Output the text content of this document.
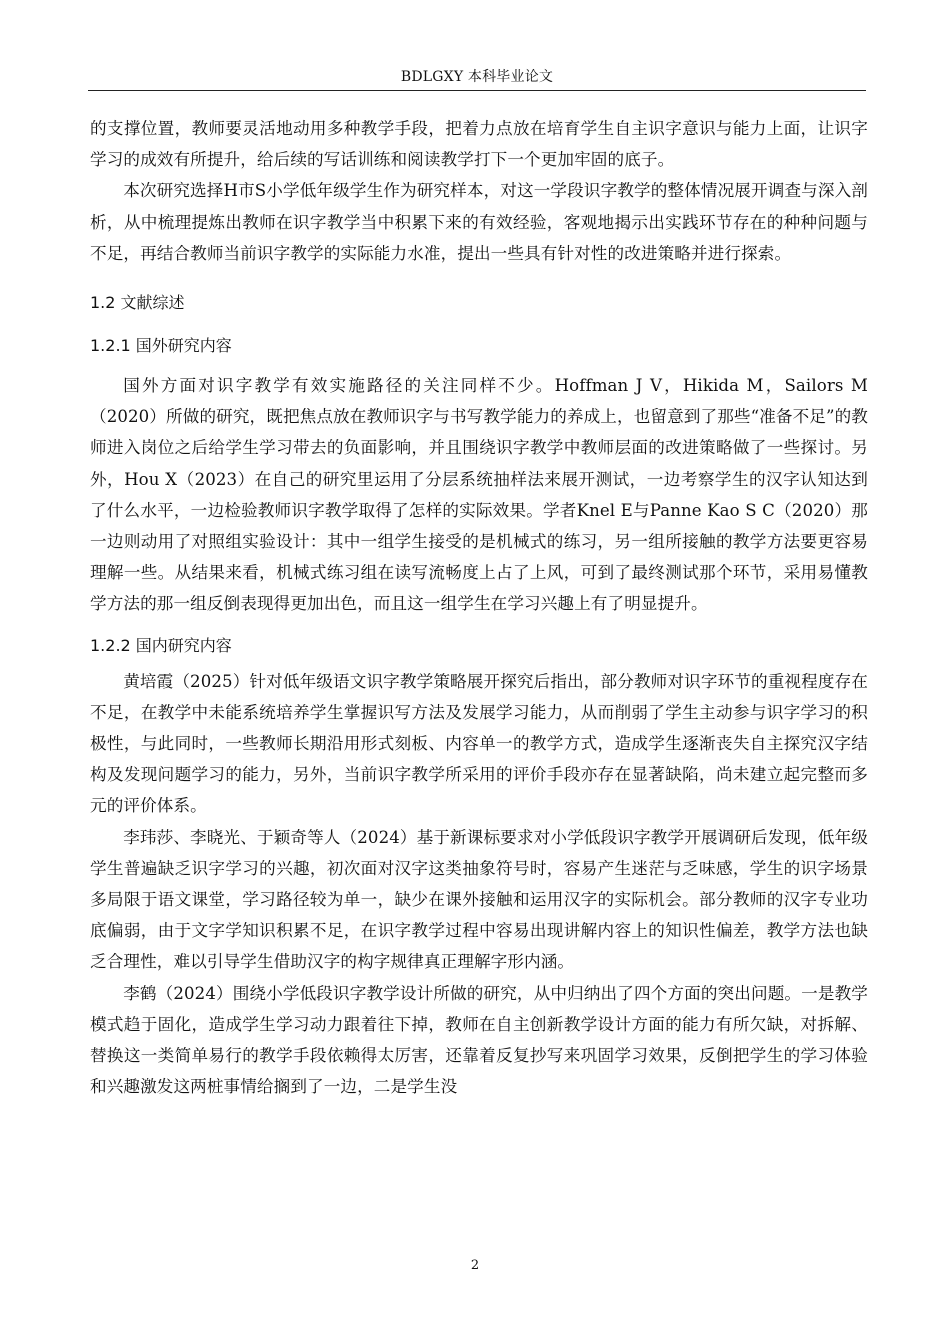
BDLGXY 本科毕业论文

的支撑位置，教师要灵活地动用多种教学手段，把着力点放在培育学生自主识字意识与能力上面，让识字学习的成效有所提升，给后续的写话训练和阅读教学打下一个更加牢固的底子。

本次研究选择H市S小学低年级学生作为研究样本，对这一学段识字教学的整体情况展开调查与深入剖析，从中梳理提炼出教师在识字教学当中积累下来的有效经验，客观地揭示出实践环节存在的种种问题与不足，再结合教师当前识字教学的实际能力水准，提出一些具有针对性的改进策略并进行探索。

1.2 文献综述
1.2.1 国外研究内容

国外方面对识字教学有效实施路径的关注同样不少。Hoffman J V，Hikida M，Sailors M（2020）所做的研究，既把焦点放在教师识字与书写教学能力的养成上，也留意到了那些“准备不足”的教师进入岗位之后给学生学习带去的负面影响，并且围绕识字教学中教师层面的改进策略做了一些探讨。另外，Hou X（2023）在自己的研究里运用了分层系统抽样法来展开测试，一边考察学生的汉字认知达到了什么水平，一边检验教师识字教学取得了怎样的实际效果。学者Knel E与Panne Kao S C（2020）那一边则动用了对照组实验设计：其中一组学生接受的是机械式的练习，另一组所接触的教学方法要更容易理解一些。从结果来看，机械式练习组在读写流畅度上占了上风，可到了最终测试那个环节，采用易懂教学方法的那一组反倒表现得更加出色，而且这一组学生在学习兴趣上有了明显提升。

1.2.2 国内研究内容

黄培霞（2025）针对低年级语文识字教学策略展开探究后指出，部分教师对识字环节的重视程度存在不足，在教学中未能系统培养学生掌握识写方法及发展学习能力，从而削弱了学生主动参与识字学习的积极性，与此同时，一些教师长期沿用形式刻板、内容单一的教学方式，造成学生逐渐丧失自主探究汉字结构及发现问题学习的能力，另外，当前识字教学所采用的评价手段亦存在显著缺陷，尚未建立起完整而多元的评价体系。

李玮莎、李晓光、于颖奇等人（2024）基于新课标要求对小学低段识字教学开展调研后发现，低年级学生普遍缺乏识字学习的兴趣，初次面对汉字这类抽象符号时，容易产生迷茫与乏味感，学生的识字场景多局限于语文课堂，学习路径较为单一，缺少在课外接触和运用汉字的实际机会。部分教师的汉字专业功底偏弱，由于文字学知识积累不足，在识字教学过程中容易出现讲解内容上的知识性偏差，教学方法也缺乏合理性，难以引导学生借助汉字的构字规律真正理解字形内涵。

李鹤（2024）围绕小学低段识字教学设计所做的研究，从中归纳出了四个方面的突出问题。一是教学模式趋于固化，造成学生学习动力跟着往下掉，教师在自主创新教学设计方面的能力有所欠缺，对拆解、替换这一类简单易行的教学手段依赖得太厉害，还靠着反复抄写来巩固学习效果，反倒把学生的学习体验和兴趣激发这两桩事情给搁到了一边，二是学生没

2
